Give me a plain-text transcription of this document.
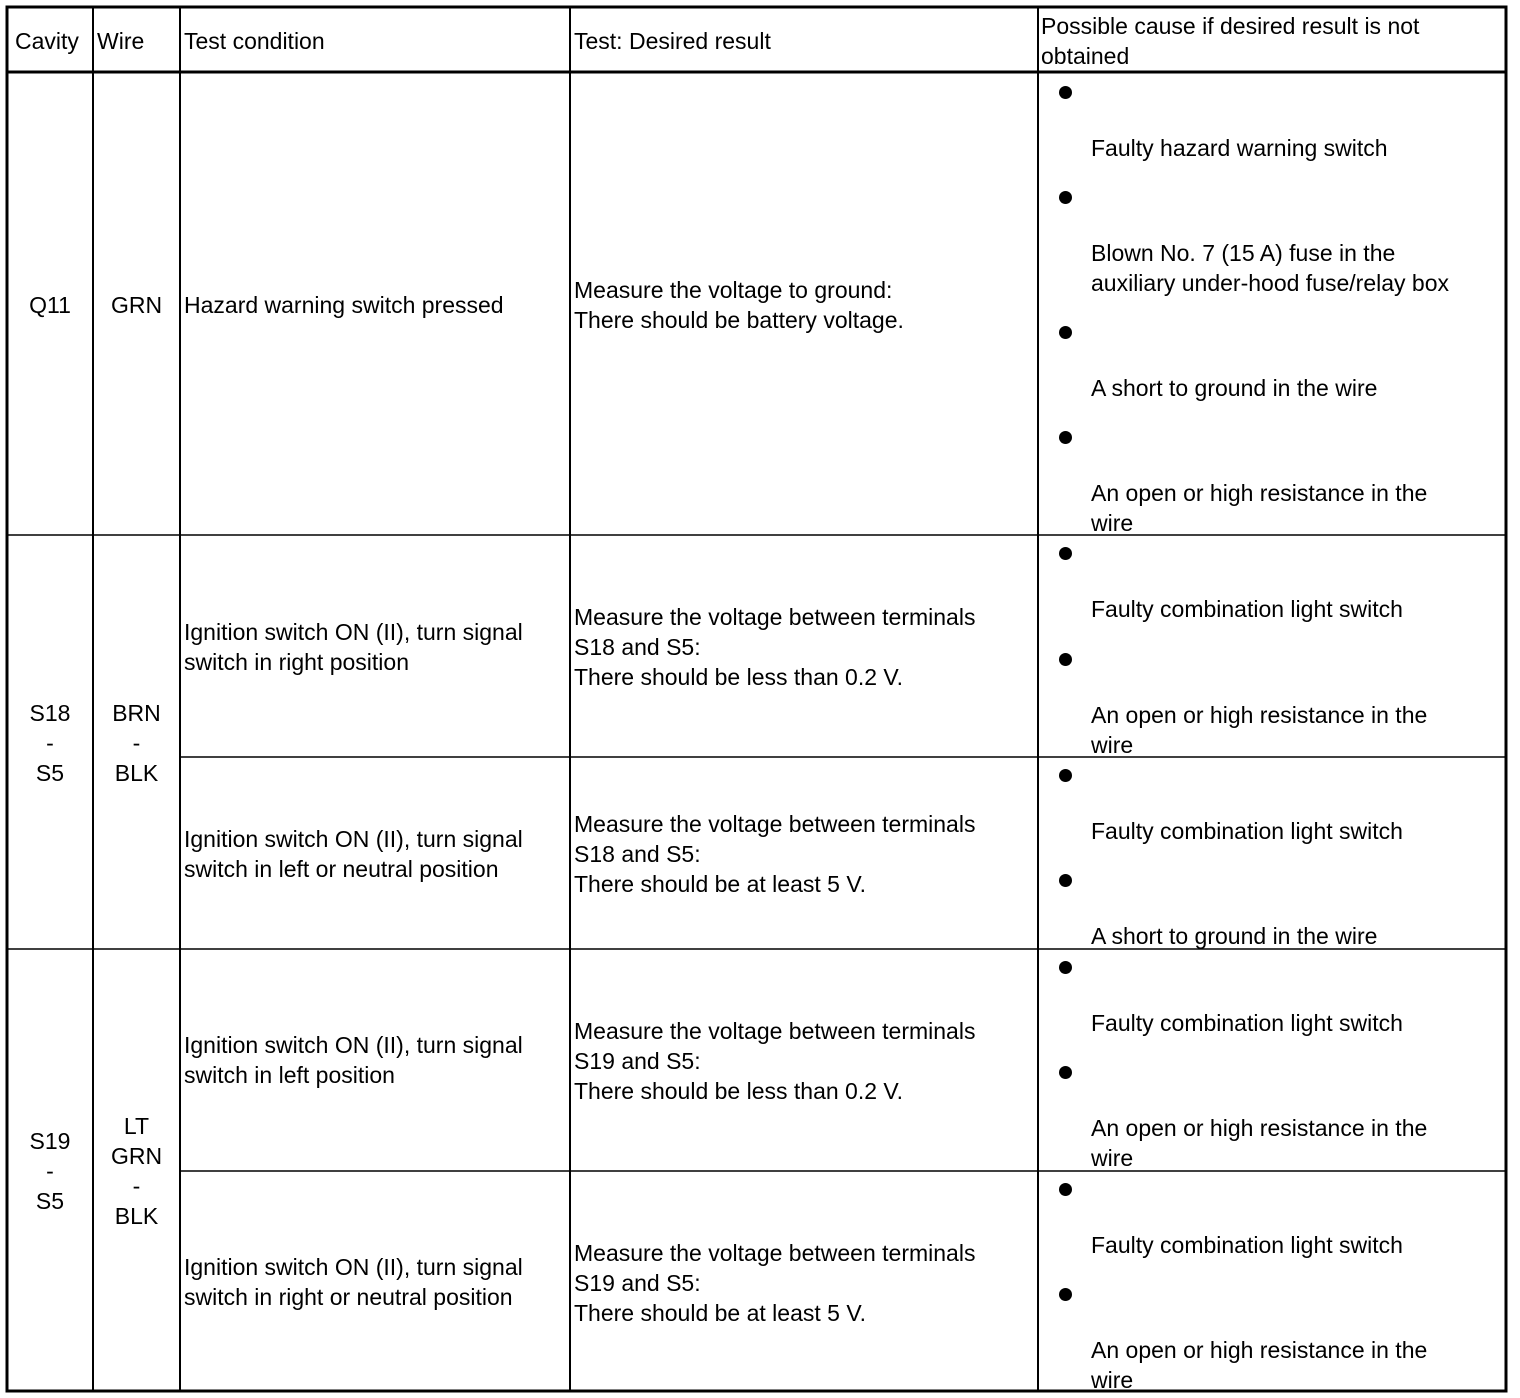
Cavity Wire Test condition	Test: Desired result
Possible cause if desired result is not
obtained
Q11	GRN Hazard warning switch pressed
Measure the voltage to ground:
There should be battery voltage.
Faulty hazard warning switch
Blown No. 7 (15 A) fuse in the
auxiliary under-hood fuse/relay box
A short to ground in the wire
An open or high resistance in the
wire
S18
-
S5
BRN
-
BLK
Ignition switch ON (II), turn signal
switch in right position
Measure the voltage between terminals
S18 and S5:
There should be less than 0.2 V.
Faulty combination light switch
An open or high resistance in the
wire
Ignition switch ON (II), turn signal
switch in left or neutral position
Measure the voltage between terminals
S18 and S5:
There should be at least 5 V.
Faulty combination light switch
A short to ground in the wire
S19
-
S5
LT
GRN
-
BLK
Ignition switch ON (II), turn signal
switch in left position
Measure the voltage between terminals
S19 and S5:
There should be less than 0.2 V.
Faulty combination light switch
An open or high resistance in the
wire
Ignition switch ON (II), turn signal
switch in right or neutral position
Measure the voltage between terminals
S19 and S5:
There should be at least 5 V.
Faulty combination light switch
An open or high resistance in the
wire
